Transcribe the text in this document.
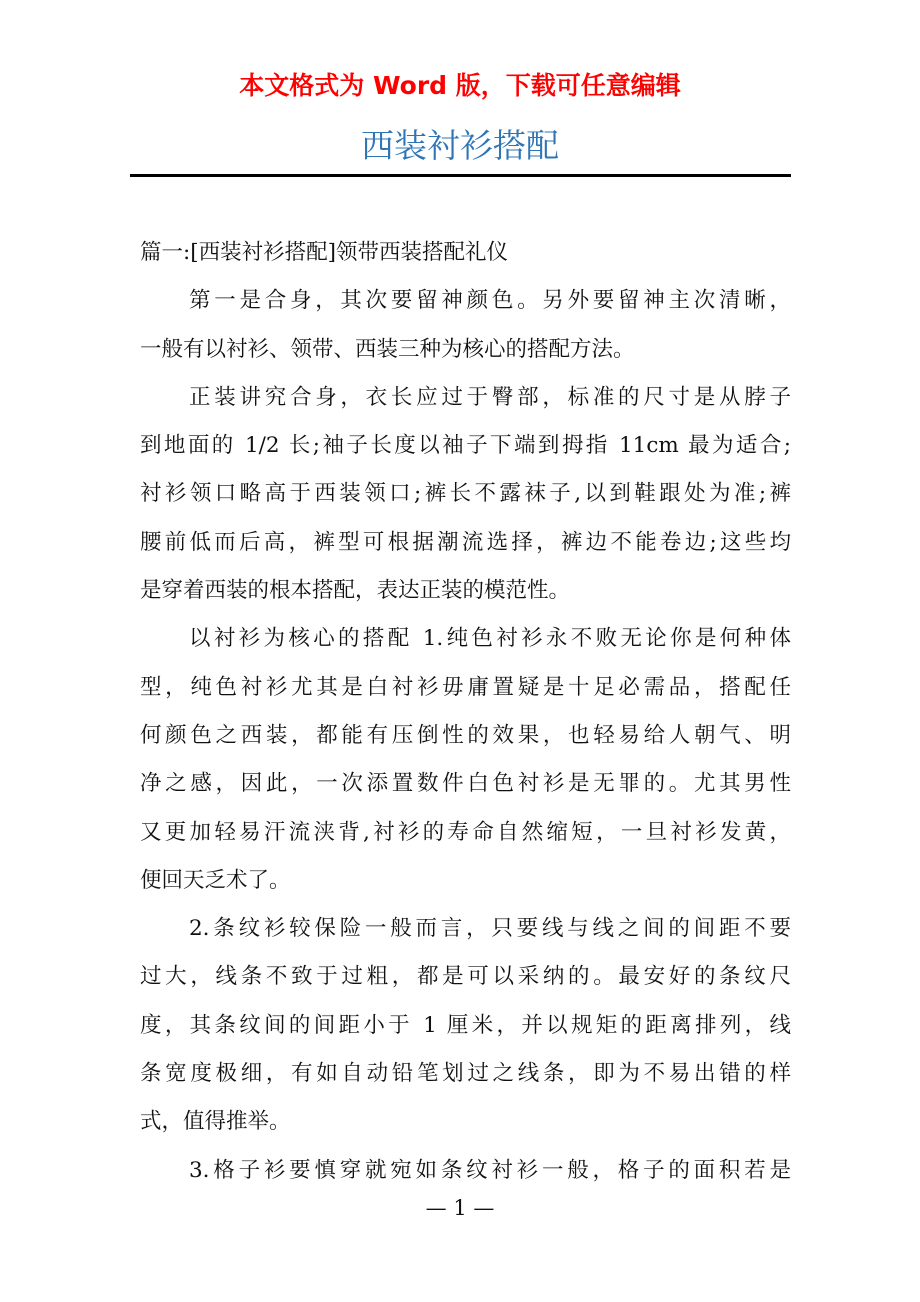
本文格式为 Word 版，下载可任意编辑
西装衬衫搭配
篇一:[西装衬衫搭配]领带西装搭配礼仪
第一是合身，其次要留神颜色。另外要留神主次清晰，
一般有以衬衫、领带、西装三种为核心的搭配方法。
正装讲究合身，衣长应过于臀部，标准的尺寸是从脖子
到地面的 1/2 长;袖子长度以袖子下端到拇指 11cm 最为适合;
衬衫领口略高于西装领口;裤长不露袜子,以到鞋跟处为准;裤
腰前低而后高，裤型可根据潮流选择，裤边不能卷边;这些均
是穿着西装的根本搭配，表达正装的模范性。
以衬衫为核心的搭配 1.纯色衬衫永不败无论你是何种体
型，纯色衬衫尤其是白衬衫毋庸置疑是十足必需品，搭配任
何颜色之西装，都能有压倒性的效果，也轻易给人朝气、明
净之感，因此，一次添置数件白色衬衫是无罪的。尤其男性
又更加轻易汗流浃背,衬衫的寿命自然缩短，一旦衬衫发黄，
便回天乏术了。
2.条纹衫较保险一般而言，只要线与线之间的间距不要
过大，线条不致于过粗，都是可以采纳的。最安好的条纹尺
度，其条纹间的间距小于 1 厘米，并以规矩的距离排列，线
条宽度极细，有如自动铅笔划过之线条，即为不易出错的样
式，值得推举。
3.格子衫要慎穿就宛如条纹衬衫一般，格子的面积若是
— 1 —
